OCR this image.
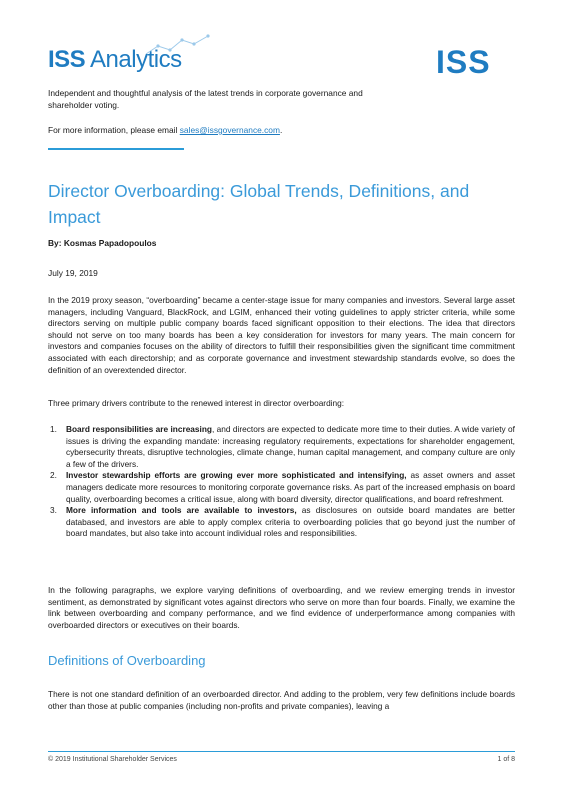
ISS Analytics	ISS

Independent and thoughtful analysis of the latest trends in corporate governance and shareholder voting.

For more information, please email sales@issgovernance.com.

Director Overboarding: Global Trends, Definitions, and Impact
By: Kosmas Papadopoulos
July 19, 2019

In the 2019 proxy season, “overboarding” became a center-stage issue for many companies and investors. Several large asset managers, including Vanguard, BlackRock, and LGIM, enhanced their voting guidelines to apply stricter criteria, while some directors serving on multiple public company boards faced significant opposition to their elections. The idea that directors should not serve on too many boards has been a key consideration for investors for many years. The main concern for investors and companies focuses on the ability of directors to fulfill their responsibilities given the significant time commitment associated with each directorship; and as corporate governance and investment stewardship standards evolve, so does the definition of an overextended director.

Three primary drivers contribute to the renewed interest in director overboarding:

1. Board responsibilities are increasing, and directors are expected to dedicate more time to their duties. A wide variety of issues is driving the expanding mandate: increasing regulatory requirements, expectations for shareholder engagement, cybersecurity threats, disruptive technologies, climate change, human capital management, and company culture are only a few of the drivers.
2. Investor stewardship efforts are growing ever more sophisticated and intensifying, as asset owners and asset managers dedicate more resources to monitoring corporate governance risks. As part of the increased emphasis on board quality, overboarding becomes a critical issue, along with board diversity, director qualifications, and board refreshment.
3. More information and tools are available to investors, as disclosures on outside board mandates are better databased, and investors are able to apply complex criteria to overboarding policies that go beyond just the number of board mandates, but also take into account individual roles and responsibilities.

In the following paragraphs, we explore varying definitions of overboarding, and we review emerging trends in investor sentiment, as demonstrated by significant votes against directors who serve on more than four boards. Finally, we examine the link between overboarding and company performance, and we find evidence of underperformance among companies with overboarded directors or executives on their boards.

Definitions of Overboarding

There is not one standard definition of an overboarded director. And adding to the problem, very few definitions include boards other than those at public companies (including non-profits and private companies), leaving a

© 2019 Institutional Shareholder Services	1 of 8
